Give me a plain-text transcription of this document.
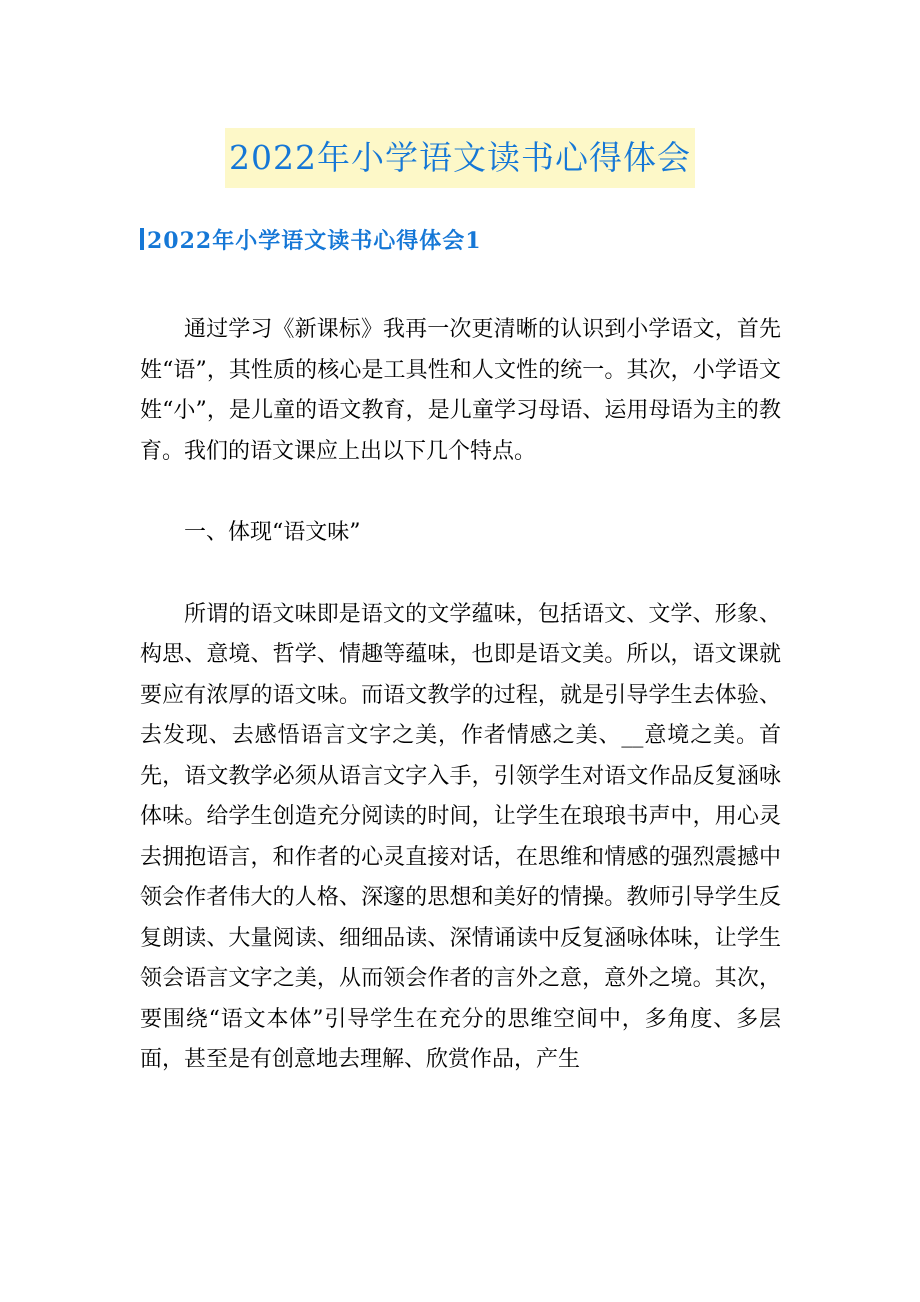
2022年小学语文读书心得体会
2022年小学语文读书心得体会1

通过学习《新课标》我再一次更清晰的认识到小学语文，首先姓“语”，其性质的核心是工具性和人文性的统一。其次，小学语文姓“小”，是儿童的语文教育，是儿童学习母语、运用母语为主的教育。我们的语文课应上出以下几个特点。

一、体现“语文味”

所谓的语文味即是语文的文学蕴味，包括语文、文学、形象、构思、意境、哲学、情趣等蕴味，也即是语文美。所以，语文课就要应有浓厚的语文味。而语文教学的过程，就是引导学生去体验、去发现、去感悟语言文字之美，作者情感之美、__意境之美。首先，语文教学必须从语言文字入手，引领学生对语文作品反复涵咏体味。给学生创造充分阅读的时间，让学生在琅琅书声中，用心灵去拥抱语言，和作者的心灵直接对话，在思维和情感的强烈震撼中领会作者伟大的人格、深邃的思想和美好的情操。教师引导学生反复朗读、大量阅读、细细品读、深情诵读中反复涵咏体味，让学生领会语言文字之美，从而领会作者的言外之意，意外之境。其次，要围绕“语文本体”引导学生在充分的思维空间中，多角度、多层面，甚至是有创意地去理解、欣赏作品，产生
